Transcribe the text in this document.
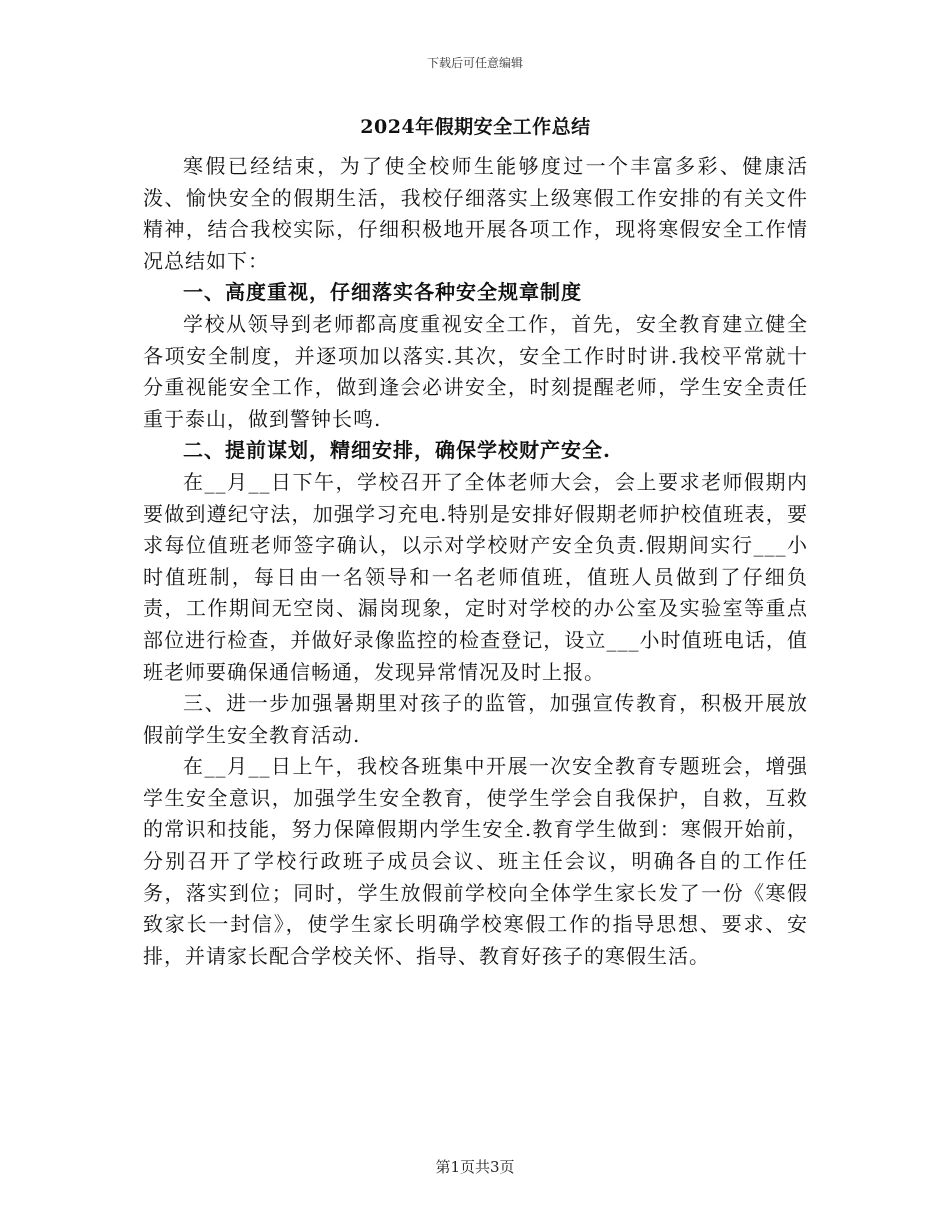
下载后可任意编辑
2024年假期安全工作总结

寒假已经结束，为了使全校师生能够度过一个丰富多彩、健康活泼、愉快安全的假期生活，我校仔细落实上级寒假工作安排的有关文件精神，结合我校实际，仔细积极地开展各项工作，现将寒假安全工作情况总结如下：

一、高度重视，仔细落实各种安全规章制度

学校从领导到老师都高度重视安全工作，首先，安全教育建立健全各项安全制度，并逐项加以落实.其次，安全工作时时讲.我校平常就十分重视能安全工作，做到逢会必讲安全，时刻提醒老师，学生安全责任重于泰山，做到警钟长鸣.

二、提前谋划，精细安排，确保学校财产安全.

在__月__日下午，学校召开了全体老师大会，会上要求老师假期内要做到遵纪守法，加强学习充电.特别是安排好假期老师护校值班表，要求每位值班老师签字确认，以示对学校财产安全负责.假期间实行___小时值班制，每日由一名领导和一名老师值班，值班人员做到了仔细负责，工作期间无空岗、漏岗现象，定时对学校的办公室及实验室等重点部位进行检查，并做好录像监控的检查登记，设立___小时值班电话，值班老师要确保通信畅通，发现异常情况及时上报。

三、进一步加强暑期里对孩子的监管，加强宣传教育，积极开展放假前学生安全教育活动.

在__月__日上午，我校各班集中开展一次安全教育专题班会，增强学生安全意识，加强学生安全教育，使学生学会自我保护，自救，互救的常识和技能，努力保障假期内学生安全.教育学生做到：寒假开始前，分别召开了学校行政班子成员会议、班主任会议，明确各自的工作任务，落实到位；同时，学生放假前学校向全体学生家长发了一份《寒假致家长一封信》，使学生家长明确学校寒假工作的指导思想、要求、安排，并请家长配合学校关怀、指导、教育好孩子的寒假生活。

第1页共3页
